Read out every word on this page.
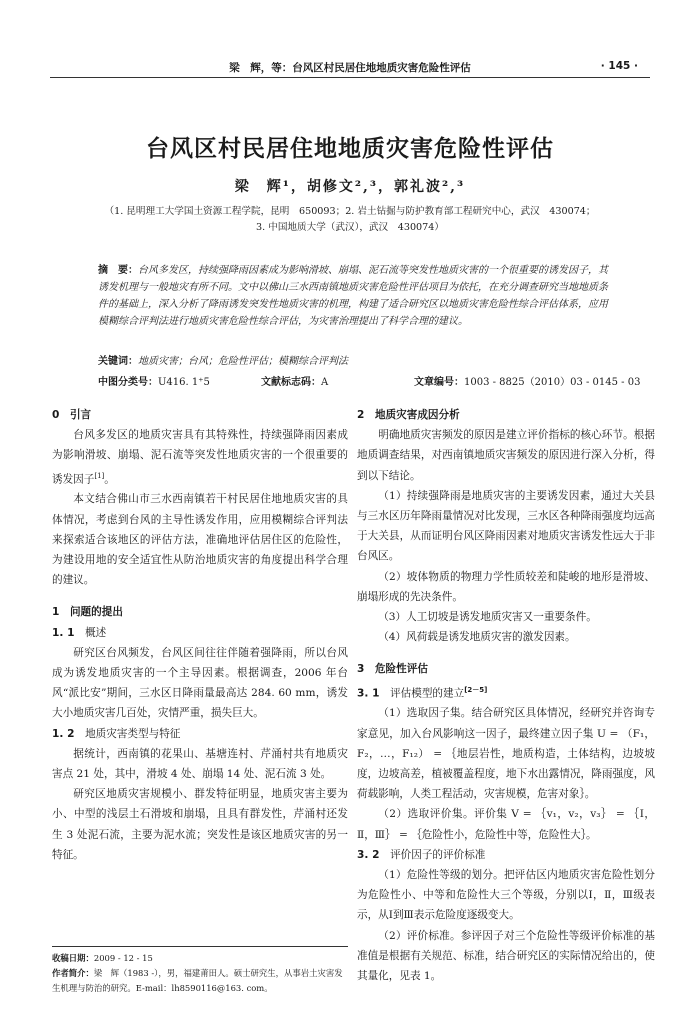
梁　辉，等：台风区村民居住地地质灾害危险性评估	· 145 ·
台风区村民居住地地质灾害危险性评估
梁　辉¹，胡修文²,³，郭礼波²,³
（1. 昆明理工大学国土资源工程学院，昆明　650093；2. 岩土钻掘与防护教育部工程研究中心，武汉　430074；
3. 中国地质大学（武汉），武汉　430074）
摘　要：台风多发区，持续强降雨因素成为影响滑坡、崩塌、泥石流等突发性地质灾害的一个很重要的诱发因子，其诱发机理与一般地灾有所不同。文中以佛山三水西南镇地质灾害危险性评估项目为依托，在充分调查研究当地地质条件的基础上，深入分析了降雨诱发突发性地质灾害的机理，构建了适合研究区以地质灾害危险性综合评估体系，应用模糊综合评判法进行地质灾害危险性综合评估，为灾害治理提出了科学合理的建议。
关键词：地质灾害；台风；危险性评估；模糊综合评判法
中图分类号：U416. 1⁺5	文献标志码：A	文章编号：1003 - 8825（2010）03 - 0145 - 03
0　引言

台风多发区的地质灾害具有其特殊性，持续强降雨因素成为影响滑坡、崩塌、泥石流等突发性地质灾害的一个很重要的诱发因子[1]。

本文结合佛山市三水西南镇若干村民居住地地质灾害的具体情况，考虑到台风的主导性诱发作用，应用模糊综合评判法来探索适合该地区的评估方法，准确地评估居住区的危险性，为建设用地的安全适宜性从防治地质灾害的角度提出科学合理的建议。

1　问题的提出
1. 1　 概述

研究区台风频发，台风区间往往伴随着强降雨，所以台风成为诱发地质灾害的一个主导因素。根据调查，2006 年台风“派比安”期间，三水区日降雨量最高达 284. 60 mm，诱发大小地质灾害几百处，灾情严重，损失巨大。

1. 2　 地质灾害类型与特征

据统计，西南镇的花果山、基塘连村、芹涌村共有地质灾害点 21 处，其中，滑坡 4 处、崩塌 14 处、泥石流 3 处。

研究区地质灾害规模小、群发特征明显，地质灾害主要为小、中型的浅层土石滑坡和崩塌，且具有群发性，芹涌村还发生 3 处泥石流，主要为泥水流；突发性是该区地质灾害的另一特征。

2　地质灾害成因分析

明确地质灾害频发的原因是建立评价指标的核心环节。根据地质调查结果，对西南镇地质灾害频发的原因进行深入分析，得到以下结论。

（1）持续强降雨是地质灾害的主要诱发因素，通过大关县与三水区历年降雨量情况对比发现，三水区各种降雨强度均远高于大关县，从而证明台风区降雨因素对地质灾害诱发性远大于非台风区。

（2）坡体物质的物理力学性质较差和陡峻的地形是滑坡、崩塌形成的先决条件。

（3）人工切坡是诱发地质灾害又一重要条件。

（4）风荷载是诱发地质灾害的激发因素。

3　危险性评估
3. 1　 评估模型的建立[2－5]

（1）选取因子集。结合研究区具体情况，经研究并咨询专家意见，加入台风影响这一因子，最终建立因子集 U = （F₁，F₂，…，F₁₂） = ｛地层岩性，地质构造，土体结构，边坡坡度，边坡高差，植被覆盖程度，地下水出露情况，降雨强度，风荷载影响，人类工程活动，灾害规模，危害对象｝。

（2）选取评价集。评价集 V = ｛v₁，v₂，v₃｝ = ｛Ⅰ，Ⅱ，Ⅲ｝ = ｛危险性小，危险性中等，危险性大｝。

3. 2　 评价因子的评价标准

（1）危险性等级的划分。把评估区内地质灾害危险性划分为危险性小、中等和危险性大三个等级，分别以Ⅰ，Ⅱ，Ⅲ级表示，从Ⅰ到Ⅲ表示危险度逐级变大。

（2）评价标准。参评因子对三个危险性等级评价标准的基准值是根据有关规范、标准，结合研究区的实际情况给出的，使其量化，见表 1。

收稿日期：2009 - 12 - 15
作者简介：梁　辉（1983 -），男，福建莆田人。硕士研究生，从事岩土灾害发生机理与防治的研究。E-mail：lh8590116@163. com。
